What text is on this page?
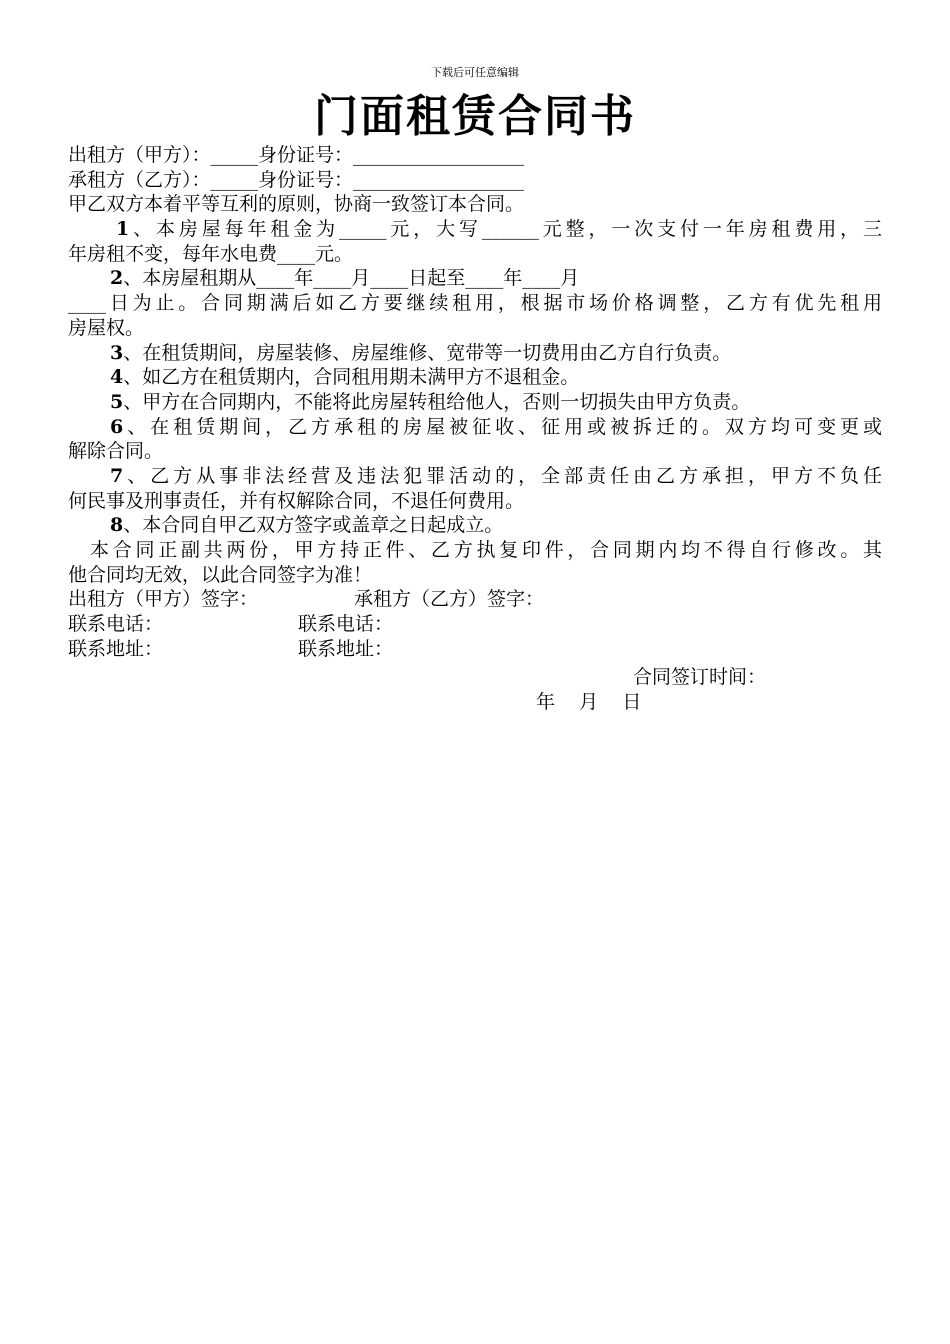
下载后可任意编辑
门面租赁合同书
出租方（甲方）：_____身份证号：__________________
承租方（乙方）：_____身份证号：__________________
甲乙双方本着平等互利的原则，协商一致签订本合同。
1、本房屋每年租金为_____元，大写______元整，一次支付一年房租费用，三
年房租不变，每年水电费____元。
2、本房屋租期从____年____月____日起至____年____月
____日为止。合同期满后如乙方要继续租用，根据市场价格调整，乙方有优先租用
房屋权。
3、在租赁期间，房屋装修、房屋维修、宽带等一切费用由乙方自行负责。
4、如乙方在租赁期内，合同租用期未满甲方不退租金。
5、甲方在合同期内，不能将此房屋转租给他人，否则一切损失由甲方负责。
6、在租赁期间，乙方承租的房屋被征收、征用或被拆迁的。双方均可变更或
解除合同。
7、乙方从事非法经营及违法犯罪活动的，全部责任由乙方承担，甲方不负任
何民事及刑事责任，并有权解除合同，不退任何费用。
8、本合同自甲乙双方签字或盖章之日起成立。
本合同正副共两份，甲方持正件、乙方执复印件，合同期内均不得自行修改。其
他合同均无效，以此合同签字为准！
出租方（甲方）签字：	承租方（乙方）签字：
联系电话：	联系电话：
联系地址：	联系地址：
合同签订时间：
年    月    日
